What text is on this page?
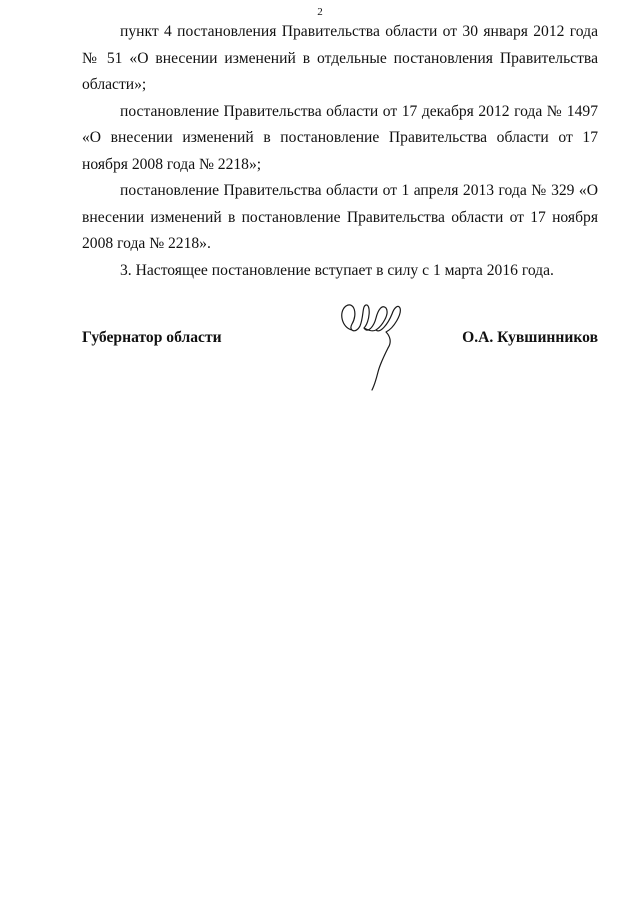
2

пункт 4 постановления Правительства области от 30 января 2012 года № 51 «О внесении изменений в отдельные постановления Правительства области»;

постановление Правительства области от 17 декабря 2012 года № 1497 «О внесении изменений в постановление Правительства области от 17 ноября 2008 года № 2218»;

постановление Правительства области от 1 апреля 2013 года № 329 «О внесении изменений в постановление Правительства области от 17 ноября 2008 года № 2218».

3. Настоящее постановление вступает в силу с 1 марта 2016 года.

Губернатор области	О.А. Кувшинников
